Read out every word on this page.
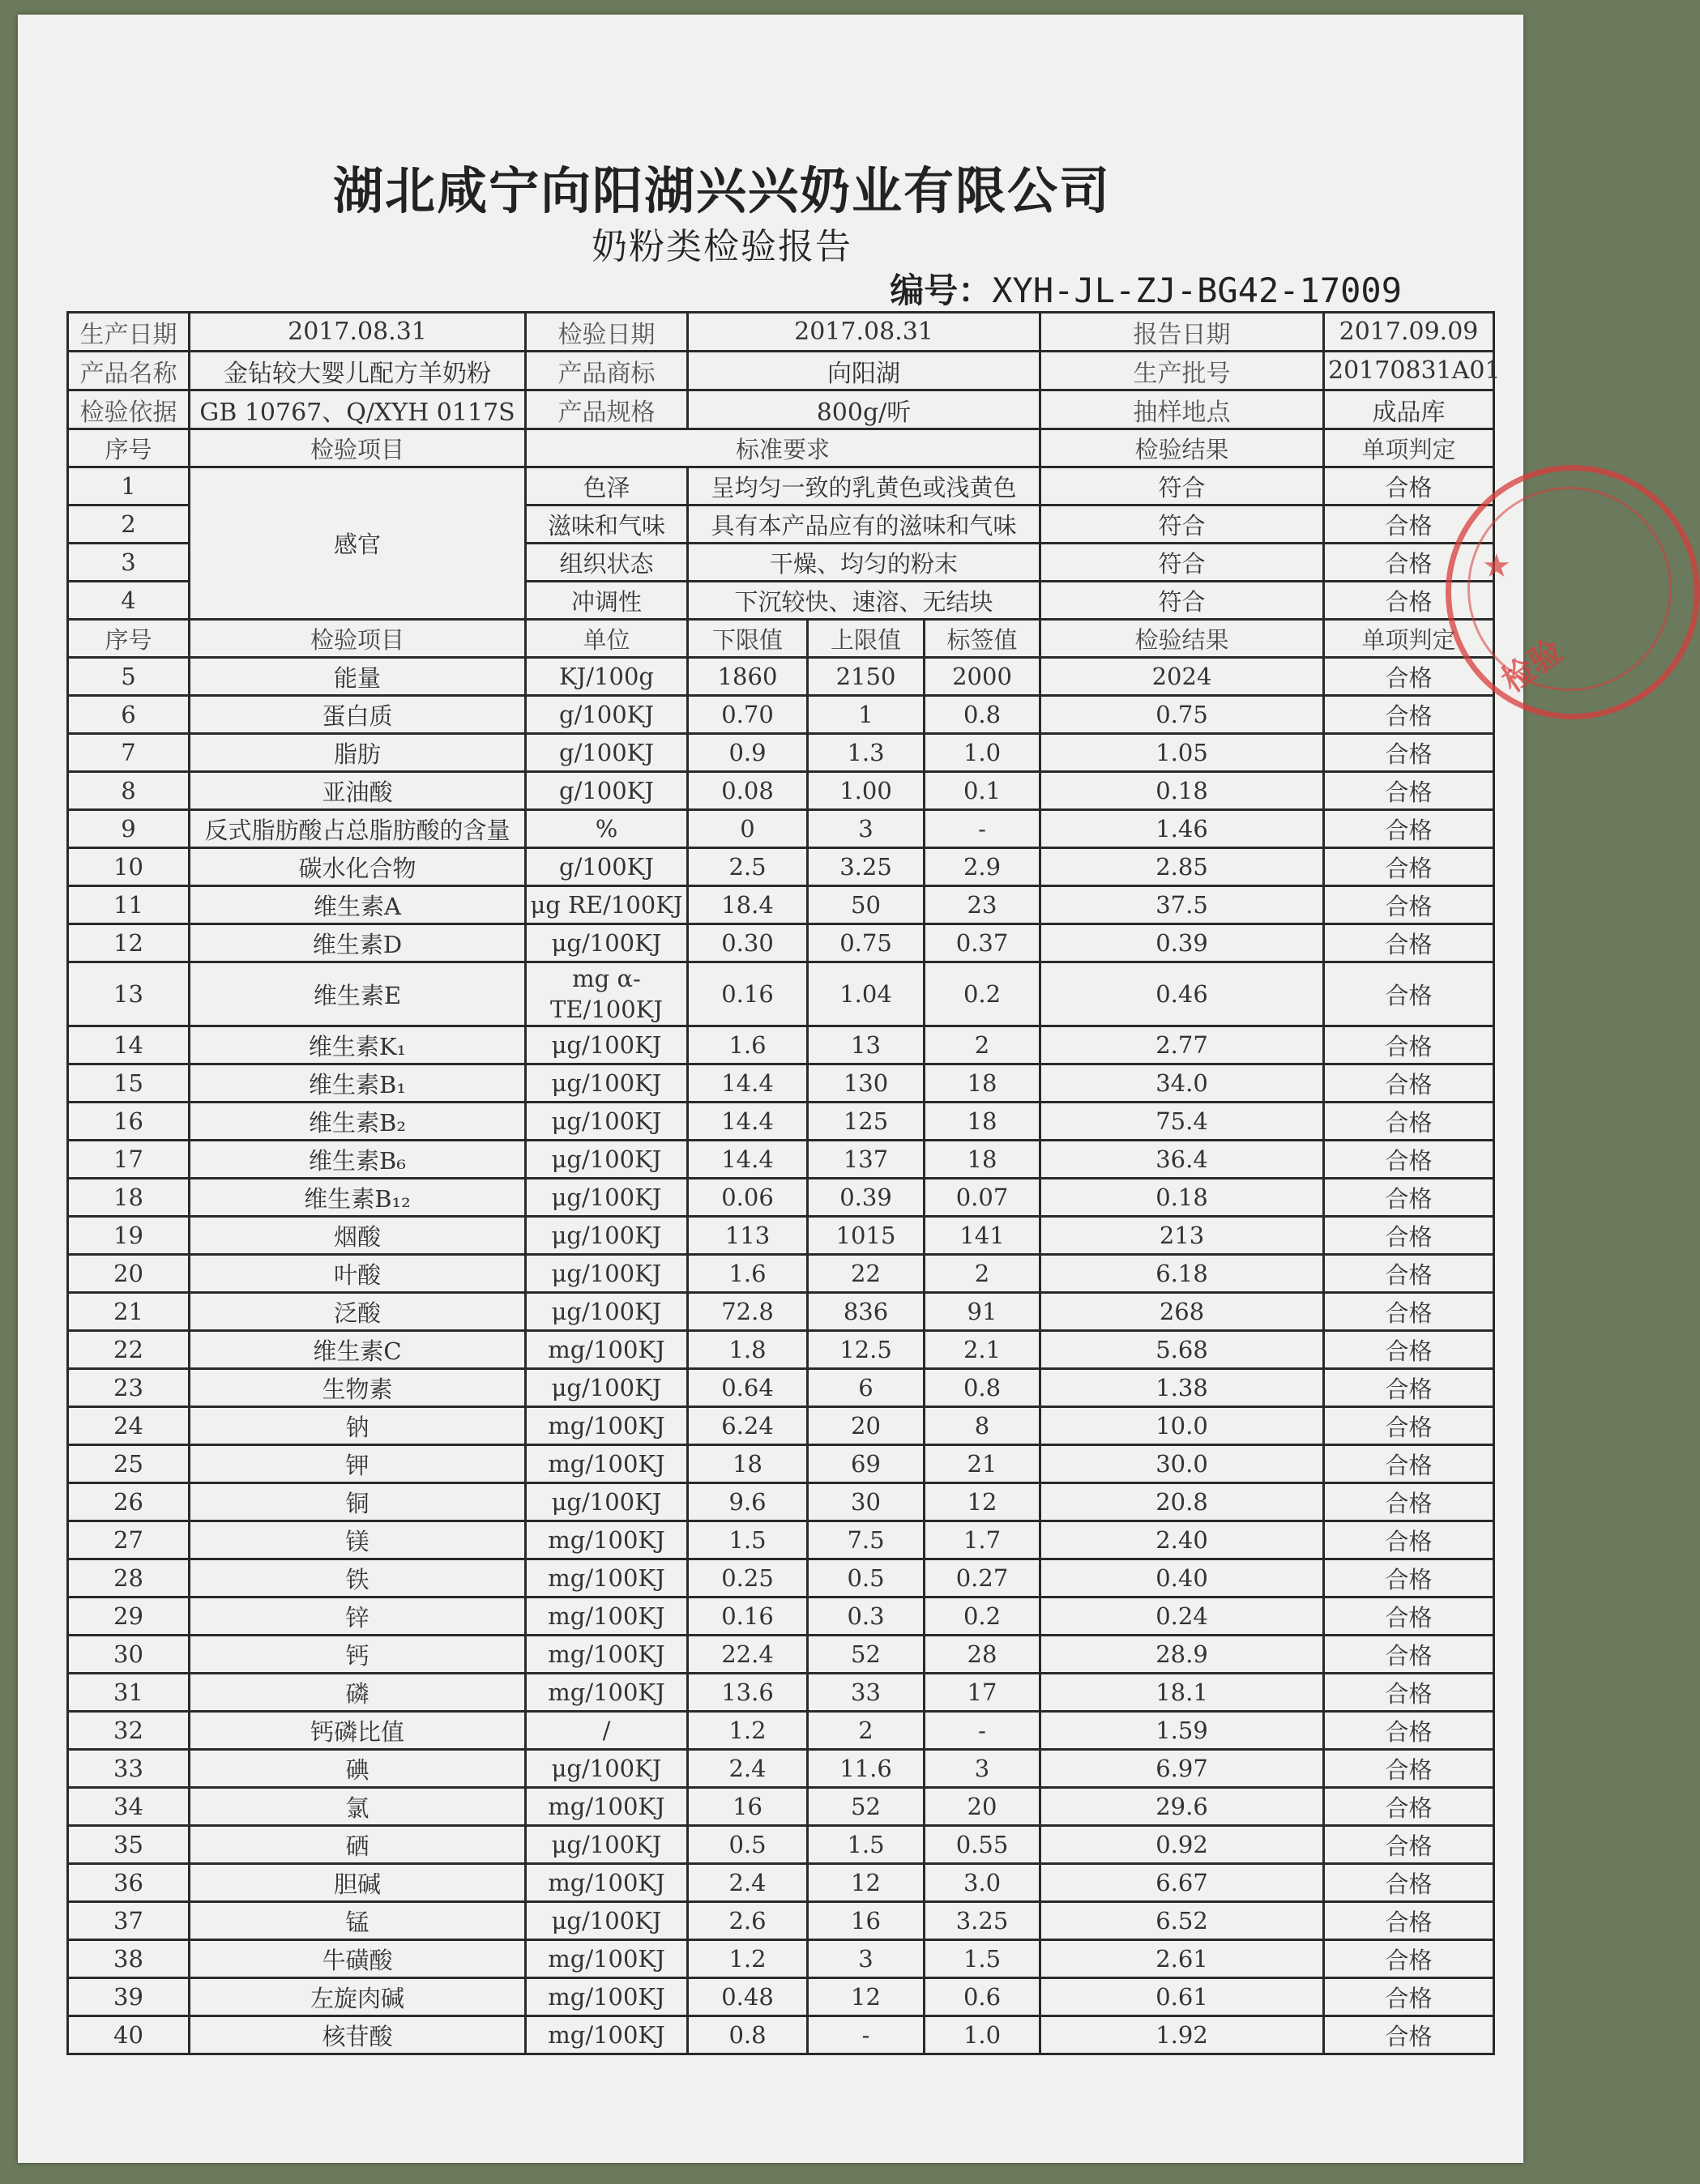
湖北咸宁向阳湖兴兴奶业有限公司
奶粉类检验报告
编号：XYH-JL-ZJ-BG42-17009
生产日期	2017.08.31	检验日期	2017.08.31	报告日期	2017.09.09
产品名称	金钻较大婴儿配方羊奶粉	产品商标	向阳湖	生产批号	20170831A01
检验依据	GB 10767、Q/XYH 0117S	产品规格	800g/听	抽样地点	成品库
序号	检验项目	标准要求				检验结果	单项判定
1	感官	色泽	呈均匀一致的乳黄色或浅黄色			符合	合格
2		滋味和气味	具有本产品应有的滋味和气味			符合	合格
3		组织状态	干燥、均匀的粉末			符合	合格
4		冲调性	下沉较快、速溶、无结块			符合	合格
序号	检验项目	单位	下限值	上限值	标签值	检验结果	单项判定
5	能量	KJ/100g	1860	2150	2000	2024	合格
6	蛋白质	g/100KJ	0.70	1	0.8	0.75	合格
7	脂肪	g/100KJ	0.9	1.3	1.0	1.05	合格
8	亚油酸	g/100KJ	0.08	1.00	0.1	0.18	合格
9	反式脂肪酸占总脂肪酸的含量	%	0	3	-	1.46	合格
10	碳水化合物	g/100KJ	2.5	3.25	2.9	2.85	合格
11	维生素A	μg RE/100KJ	18.4	50	23	37.5	合格
12	维生素D	μg/100KJ	0.30	0.75	0.37	0.39	合格
13	维生素E	mg α-TE/100KJ	0.16	1.04	0.2	0.46	合格
14	维生素K₁	μg/100KJ	1.6	13	2	2.77	合格
15	维生素B₁	μg/100KJ	14.4	130	18	34.0	合格
16	维生素B₂	μg/100KJ	14.4	125	18	75.4	合格
17	维生素B₆	μg/100KJ	14.4	137	18	36.4	合格
18	维生素B₁₂	μg/100KJ	0.06	0.39	0.07	0.18	合格
19	烟酸	μg/100KJ	113	1015	141	213	合格
20	叶酸	μg/100KJ	1.6	22	2	6.18	合格
21	泛酸	μg/100KJ	72.8	836	91	268	合格
22	维生素C	mg/100KJ	1.8	12.5	2.1	5.68	合格
23	生物素	μg/100KJ	0.64	6	0.8	1.38	合格
24	钠	mg/100KJ	6.24	20	8	10.0	合格
25	钾	mg/100KJ	18	69	21	30.0	合格
26	铜	μg/100KJ	9.6	30	12	20.8	合格
27	镁	mg/100KJ	1.5	7.5	1.7	2.40	合格
28	铁	mg/100KJ	0.25	0.5	0.27	0.40	合格
29	锌	mg/100KJ	0.16	0.3	0.2	0.24	合格
30	钙	mg/100KJ	22.4	52	28	28.9	合格
31	磷	mg/100KJ	13.6	33	17	18.1	合格
32	钙磷比值	/	1.2	2	-	1.59	合格
33	碘	μg/100KJ	2.4	11.6	3	6.97	合格
34	氯	mg/100KJ	16	52	20	29.6	合格
35	硒	μg/100KJ	0.5	1.5	0.55	0.92	合格
36	胆碱	mg/100KJ	2.4	12	3.0	6.67	合格
37	锰	μg/100KJ	2.6	16	3.25	6.52	合格
38	牛磺酸	mg/100KJ	1.2	3	1.5	2.61	合格
39	左旋肉碱	mg/100KJ	0.48	12	0.6	0.61	合格
40	核苷酸	mg/100KJ	0.8	-	1.0	1.92	合格
★
检验
